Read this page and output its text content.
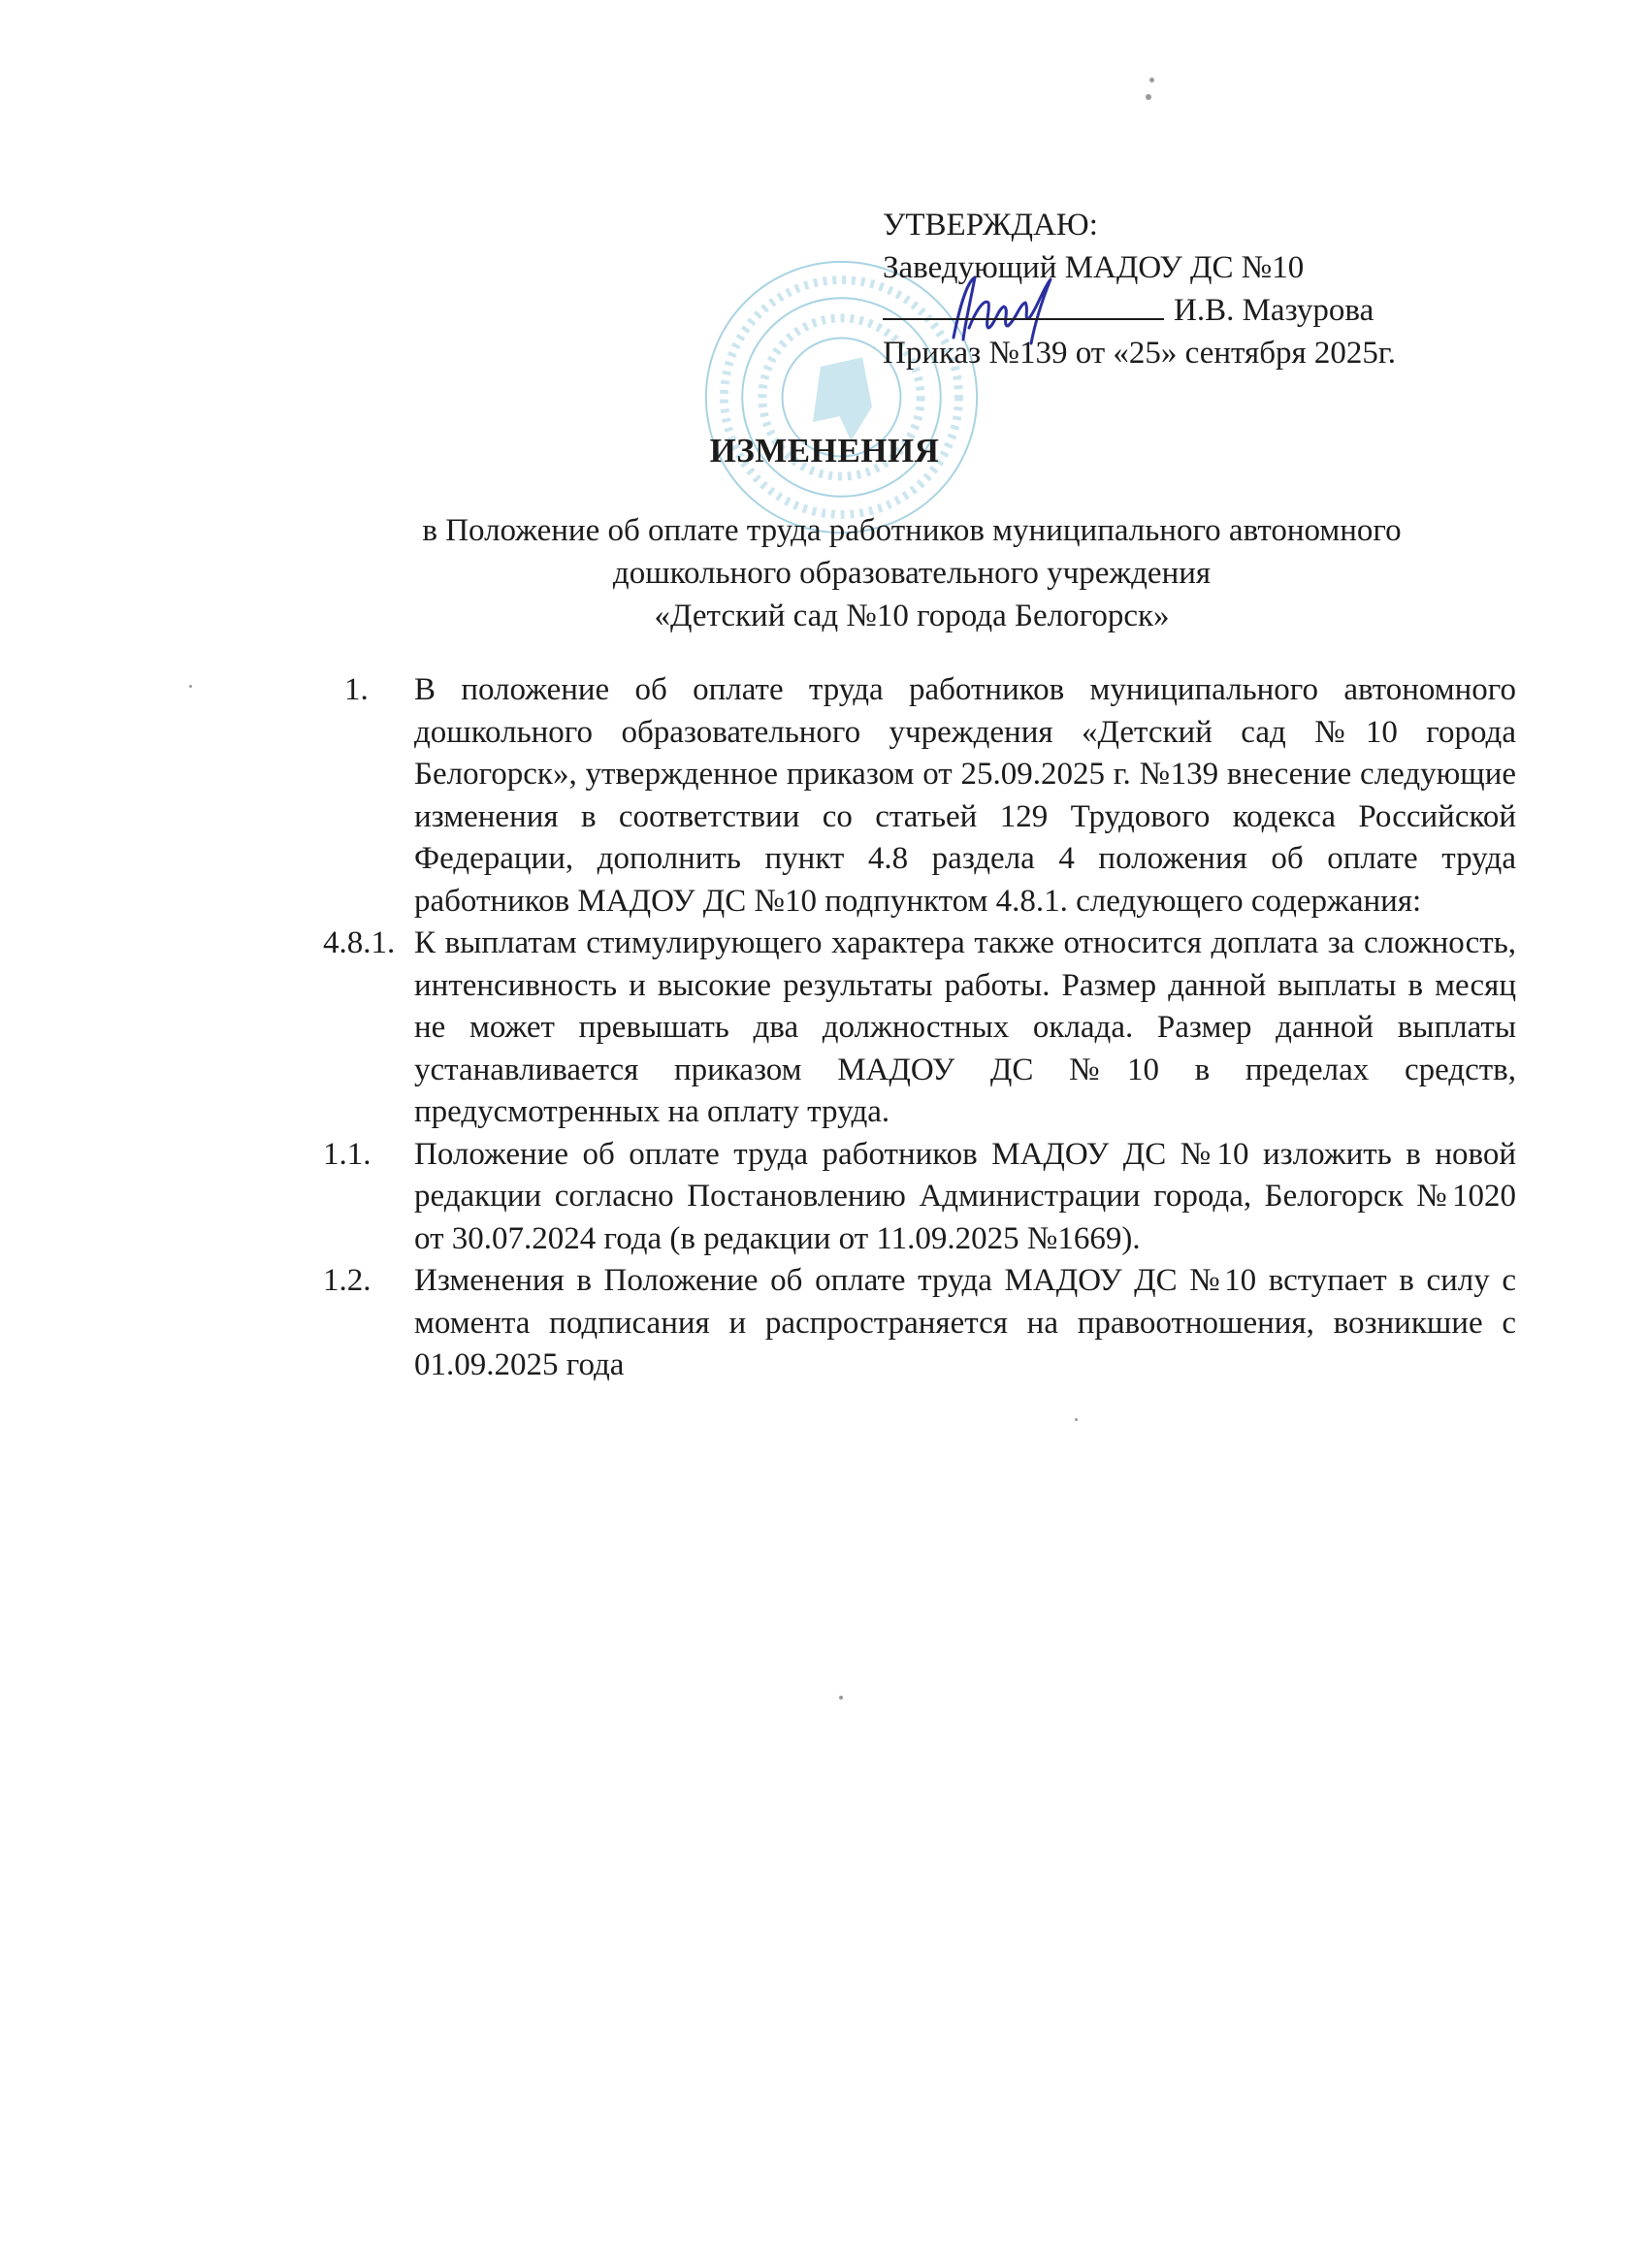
УТВЕРЖДАЮ:
Заведующий МАДОУ ДС №10
И.В. Мазурова
Приказ №139 от «25» сентября 2025г.
ИЗМЕНЕНИЯ
в Положение об оплате труда работников муниципального автономного
дошкольного образовательного учреждения
«Детский сад №10 города Белогорск»
1. В положение об оплате труда работников муниципального автономного дошкольного образовательного учреждения «Детский сад №10 города Белогорск», утвержденное приказом от 25.09.2025 г. №139 внесение следующие изменения в соответствии со статьей 129 Трудового кодекса Российской Федерации, дополнить пункт 4.8 раздела 4 положения об оплате труда работников МАДОУ ДС №10 подпунктом 4.8.1. следующего содержания:
4.8.1. К выплатам стимулирующего характера также относится доплата за сложность, интенсивность и высокие результаты работы. Размер данной выплаты в месяц не может превышать два должностных оклада. Размер данной выплаты устанавливается приказом МАДОУ ДС №10 в пределах средств, предусмотренных на оплату труда.
1.1. Положение об оплате труда работников МАДОУ ДС №10 изложить в новой редакции согласно Постановлению Администрации города, Белогорск №1020 от 30.07.2024 года (в редакции от 11.09.2025 №1669).
1.2. Изменения в Положение об оплате труда МАДОУ ДС №10 вступает в силу с момента подписания и распространяется на правоотношения, возникшие с 01.09.2025 года
